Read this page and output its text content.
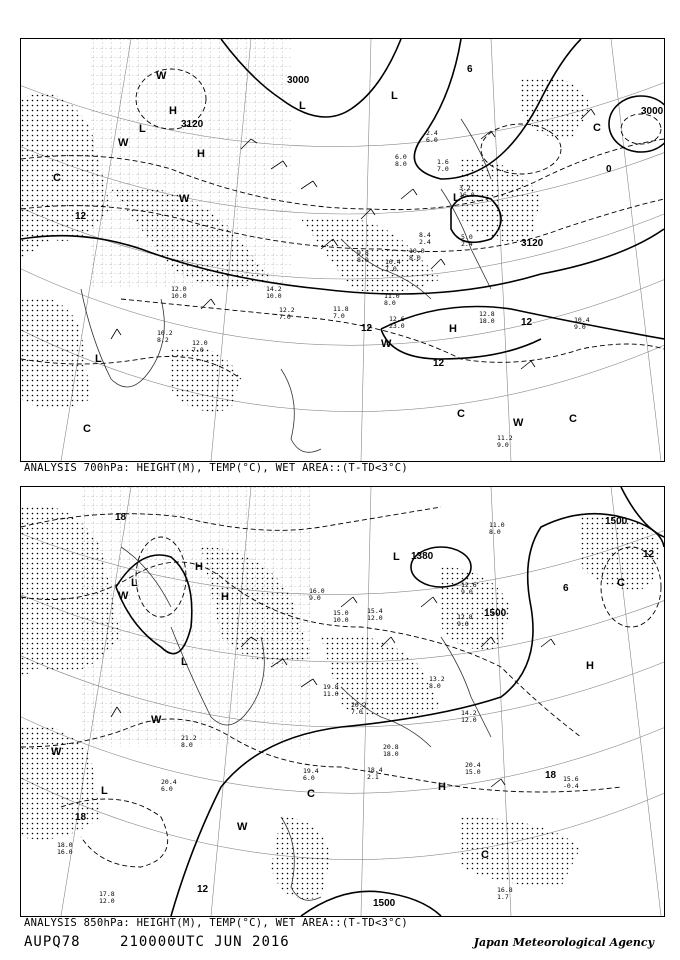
H
H
H
L
L
L
L
L
W
W
W
W
W
C
C
C	C
C
3000
3120
3120
3000
12
12
12
12
6
0
12.0
10.0
11.2
9.0
12.8
18.0
12.6
23.0
11.0
8.0
10.4
9.0
10.2
8.2
10.0
8.0
3.2
16.0
1.6
7.0
6.0
8.0
2.4
6.0
8.4
2.4
5.0
2.4
12.2
7.0
11.8
7.0
12.0
7.0
14.2
10.0
10.4
7.0
9.8
8.0
ANALYSIS 700hPa: HEIGHT(M), TEMP(°C), WET AREA::(T-TD<3°C)
H
H
H
H
L
L
L
L
W
W
W
W
C
C
C
1500
1500
1500
1380
18
18
18
12
12
6
20.8
18.0
18.4
2.1
20.4
15.0
19.4
6.0
16.8
1.7
17.8
12.0
15.6
-0.4
14.2
12.0
13.2
8.0
12.8
9.0
20.4
6.0
21.2
8.0
18.0
16.0
11.0
8.0
12.6
9.0
15.0
10.0
20.2
7.0
19.8
11.0
15.4
12.0
16.0
9.0
ANALYSIS 850hPa: HEIGHT(M), TEMP(°C), WET AREA::(T-TD<3°C)
AUPQ78	210000UTC JUN 2016	Japan Meteorological Agency
